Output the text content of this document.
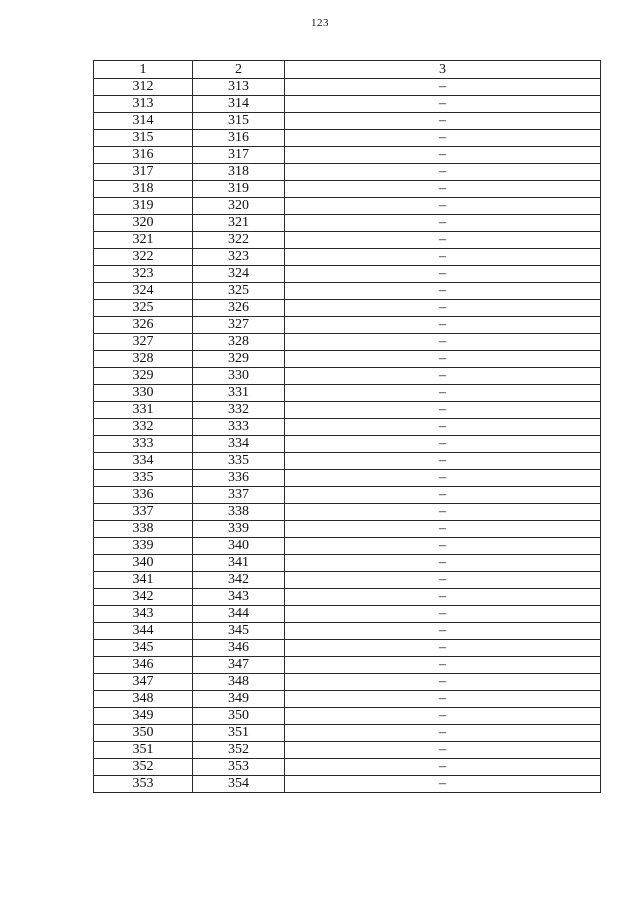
123
1	2	3
312	313	–
313	314	–
314	315	–
315	316	–
316	317	–
317	318	–
318	319	–
319	320	–
320	321	–
321	322	–
322	323	–
323	324	–
324	325	–
325	326	–
326	327	–
327	328	–
328	329	–
329	330	–
330	331	–
331	332	–
332	333	–
333	334	–
334	335	–
335	336	–
336	337	–
337	338	–
338	339	–
339	340	–
340	341	–
341	342	–
342	343	–
343	344	–
344	345	–
345	346	–
346	347	–
347	348	–
348	349	–
349	350	–
350	351	–
351	352	–
352	353	–
353	354	–
